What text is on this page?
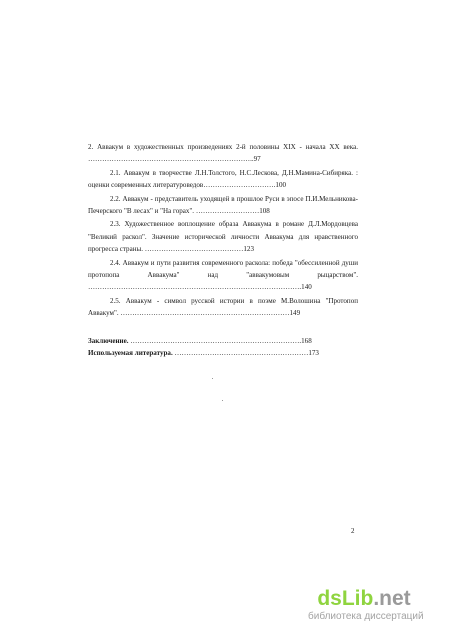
2. Аввакум в художественных произведениях 2-й половины XIX - начала XX века. ……………………………………………………………..97

2.1. Аввакум в творчестве Л.Н.Толстого, Н.С.Лескова, Д.Н.Мамина-Сибиряка. : оценки современных литературоведов………………………….100

2.2. Аввакум - представитель уходящей в прошлое Руси в эпосе П.И.Мельникова-Печерского "В лесах" и "На горах". ………………………108

2.3. Художественное воплощение образа Аввакума в романе Д.Л.Мордовцева "Великий раскол". Значение исторической личности Аввакума для нравственного прогресса страны. ……………………………………123

2.4. Аввакум и пути развития современного раскола: победа "обессиленной души протопопа Аввакума" над "аввакумовым рыцарством". ……………………………………………………………………………….140

2.5. Аввакум - символ русской истории в поэме М.Волошина "Протопоп Аввакум". ………………………………………………………………149

Заключение. ……………………………………………………………….168

Используемая литература. …………………………………………………173

2
dsLib.net
библиотека диссертаций
